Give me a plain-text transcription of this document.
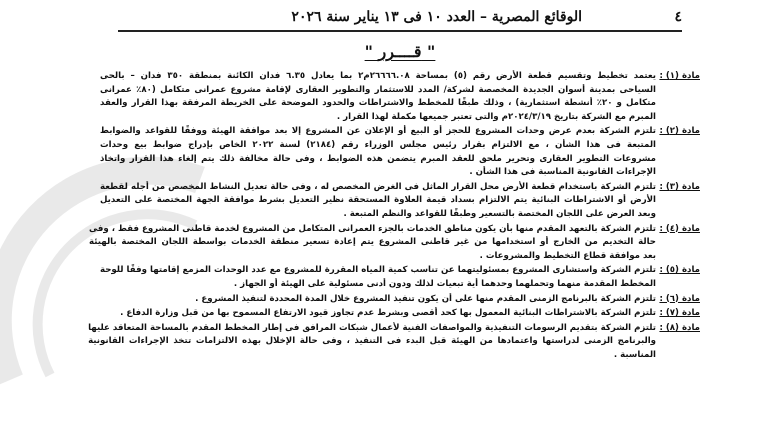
٤
الوقائع المصرية – العدد ١٠ فى ١٣ يناير سنة ٢٠٢٦
" قــــرر "
مادة (١) :
يعتمد تخطيط وتقسيم قطعة الأرض رقم (٥) بمساحة ٢٦٦٦٦.٠٨م٢ بما يعادل ٦.٣٥ فدان الكائنة بمنطقة ٣٥٠ فدان – بالحى
السياحى بمدينة أسوان الجديدة المخصصة لشركة/ المدد للاستثمار والتطوير العقارى لإقامة مشروع عمرانى متكامل (٨٠٪ عمرانى
متكامل و ٢٠٪ أنشطة استثمارية) ، وذلك طبقًا للمخطط والاشتراطات والحدود الموضحة على الخريطة المرفقة بهذا القرار والعقد
المبرم مع الشركة بتاريخ ٢٠٢٤/٣/١٩م والتى تعتبر جميعها مكملة لهذا القرار .
مادة (٢) :
تلتزم الشركة بعدم عرض وحدات المشروع للحجز أو البيع أو الإعلان عن المشروع إلا بعد موافقة الهيئة ووفقًا للقواعد والضوابط
المتبعة فى هذا الشأن ، مع الالتزام بقرار رئيس مجلس الوزراء رقم (٢١٨٤) لسنة ٢٠٢٢ الخاص بإدراج ضوابط بيع وحدات
مشروعات التطوير العقارى وتحرير ملحق للعقد المبرم يتضمن هذه الضوابط ، وفى حالة مخالفة ذلك يتم إلغاء هذا القرار واتخاذ
الإجراءات القانونية المناسبة فى هذا الشأن .
مادة (٣) :
تلتزم الشركة باستخدام قطعة الأرض محل القرار الماثل فى الغرض المخصص له ، وفى حالة تعديل النشاط المخصص من أجله لقطعة
الأرض أو الاشتراطات البنائية يتم الالتزام بسداد قيمة العلاوة المستحقة نظير التعديل بشرط موافقة الجهة المختصة على التعديل
وبعد العرض على اللجان المختصة بالتسعير وطبقًا للقواعد والنظم المتبعة .
مادة (٤) :
تلتزم الشركة بالتعهد المقدم منها بأن يكون مناطق الخدمات بالجزء العمرانى المتكامل من المشروع لخدمة قاطنى المشروع فقط ، وفى
حالة التخديم من الخارج أو استخدامها من غير قاطنى المشروع يتم إعادة تسعير منطقة الخدمات بواسطة اللجان المختصة بالهيئة
بعد موافقة قطاع التخطيط والمشروعات .
مادة (٥) :
تلتزم الشركة واستشارى المشروع بمسئوليتهما عن تناسب كمية المياه المقررة للمشروع مع عدد الوحدات المزمع إقامتها وفقًا للوحة
المخطط المقدمة منهما وتحملهما وحدهما أية تبعيات لذلك ودون أدنى مسئولية على الهيئة أو الجهاز .
مادة (٦) :
تلتزم الشركة بالبرنامج الزمنى المقدم منها على أن يكون تنفيذ المشروع خلال المدة المحددة لتنفيذ المشروع .
مادة (٧) :
تلتزم الشركة بالاشتراطات البنائية المعمول بها كحد أقصى وبشرط عدم تجاوز قيود الارتفاع المسموح بها من قبل وزارة الدفاع .
مادة (٨) :
تلتزم الشركة بتقديم الرسومات التنفيذية والمواصفات الفنية لأعمال شبكات المرافق فى إطار المخطط المقدم بالمساحة المتعاقد عليها
والبرنامج الزمنى لدراستها واعتمادها من الهيئة قبل البدء فى التنفيذ ، وفى حالة الإخلال بهذه الالتزامات تتخذ الإجراءات القانونية
المناسبة .
